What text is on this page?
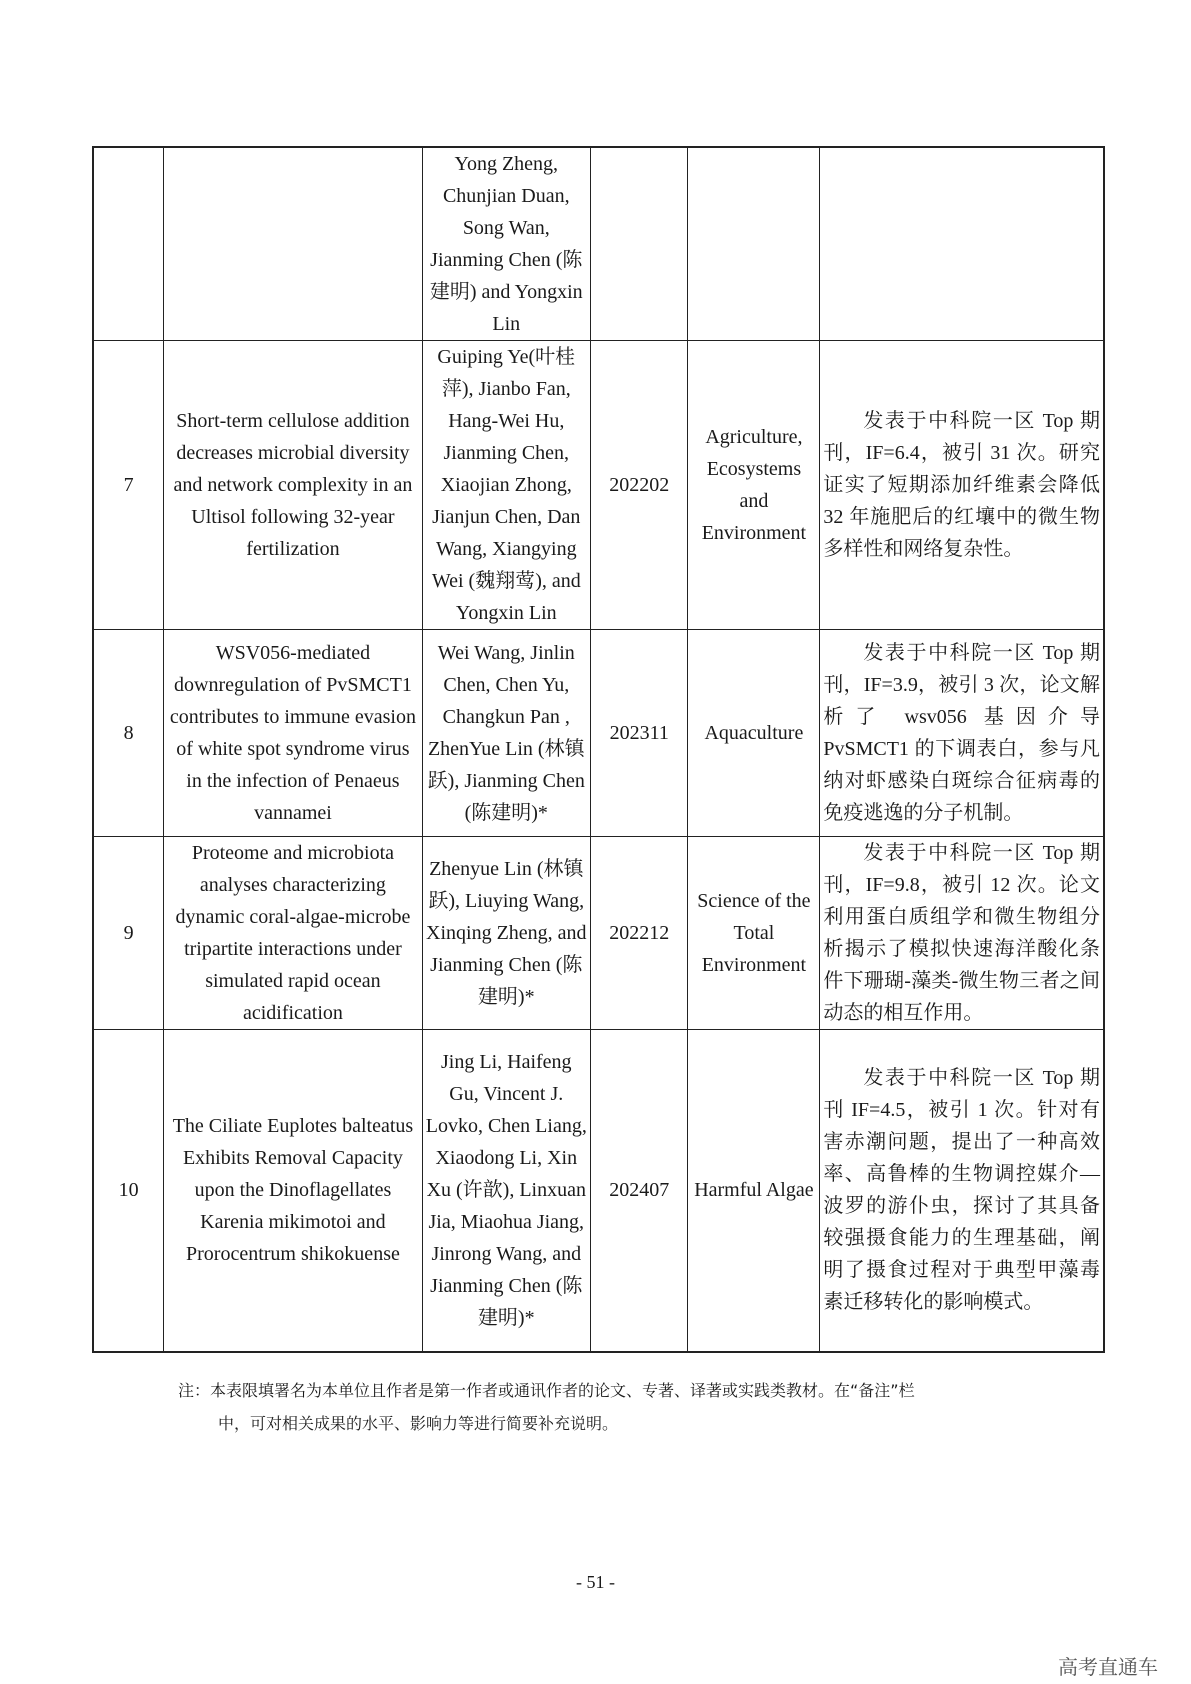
		Yong Zheng, Chunjian Duan, Song Wan, Jianming Chen (陈建明) and Yongxin Lin			

7	Short-term cellulose addition decreases microbial diversity and network complexity in an Ultisol following 32-year fertilization	Guiping Ye(叶桂萍), Jianbo Fan, Hang-Wei Hu, Jianming Chen, Xiaojian Zhong, Jianjun Chen, Dan Wang, Xiangying Wei (魏翔莺), and Yongxin Lin	202202	Agriculture, Ecosystems and Environment	发表于中科院一区 Top 期刊，IF=6.4，被引 31 次。研究证实了短期添加纤维素会降低 32 年施肥后的红壤中的微生物多样性和网络复杂性。

8	WSV056-mediated downregulation of PvSMCT1 contributes to immune evasion of white spot syndrome virus in the infection of Penaeus vannamei	Wei Wang, Jinlin Chen, Chen Yu, Changkun Pan , ZhenYue Lin (林镇跃), Jianming Chen (陈建明)*	202311	Aquaculture	发表于中科院一区 Top 期刊，IF=3.9，被引 3 次，论文解析了 wsv056 基因介导 PvSMCT1 的下调表白，参与凡纳对虾感染白斑综合征病毒的免疫逃逸的分子机制。

9	Proteome and microbiota analyses characterizing dynamic coral-algae-microbe tripartite interactions under simulated rapid ocean acidification	Zhenyue Lin (林镇跃), Liuying Wang, Xinqing Zheng, and Jianming Chen (陈建明)*	202212	Science of the Total Environment	发表于中科院一区 Top 期刊，IF=9.8，被引 12 次。论文利用蛋白质组学和微生物组分析揭示了模拟快速海洋酸化条件下珊瑚-藻类-微生物三者之间动态的相互作用。

10	The Ciliate Euplotes balteatus Exhibits Removal Capacity upon the Dinoflagellates Karenia mikimotoi and Prorocentrum shikokuense	Jing Li, Haifeng Gu, Vincent J. Lovko, Chen Liang, Xiaodong Li, Xin Xu (许歆), Linxuan Jia, Miaohua Jiang, Jinrong Wang, and Jianming Chen (陈建明)*	202407	Harmful Algae	发表于中科院一区 Top 期刊 IF=4.5，被引 1 次。针对有害赤潮问题，提出了一种高效率、高鲁棒的生物调控媒介—波罗的游仆虫，探讨了其具备较强摄食能力的生理基础，阐明了摄食过程对于典型甲藻毒素迁移转化的影响模式。
注：本表限填署名为本单位且作者是第一作者或通讯作者的论文、专著、译著或实践类教材。在“备注”栏
中，可对相关成果的水平、影响力等进行简要补充说明。
- 51 -
高考直通车
